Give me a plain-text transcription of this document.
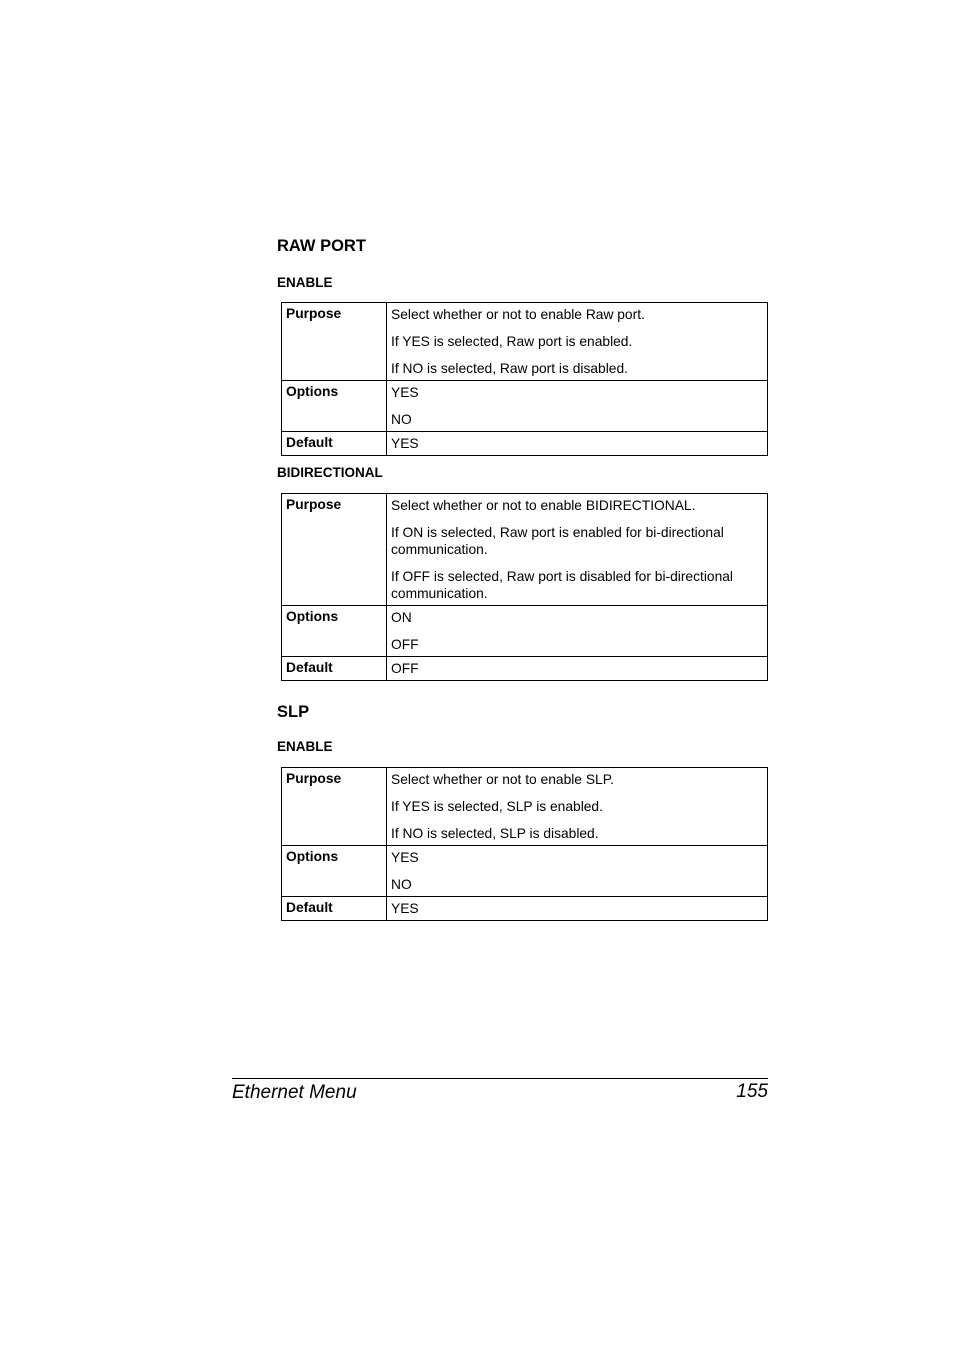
RAW PORT
ENABLE
Purpose	Select whether or not to enable Raw port.
If YES is selected, Raw port is enabled.
If NO is selected, Raw port is disabled.

Options	YES
NO

Default	YES
BIDIRECTIONAL
Purpose	Select whether or not to enable BIDIRECTIONAL.
If ON is selected, Raw port is enabled for bi-directional communication.
If OFF is selected, Raw port is disabled for bi-directional communication.

Options	ON
OFF

Default	OFF
SLP
ENABLE
Purpose	Select whether or not to enable SLP.
If YES is selected, SLP is enabled.
If NO is selected, SLP is disabled.

Options	YES
NO

Default	YES
Ethernet Menu	155
